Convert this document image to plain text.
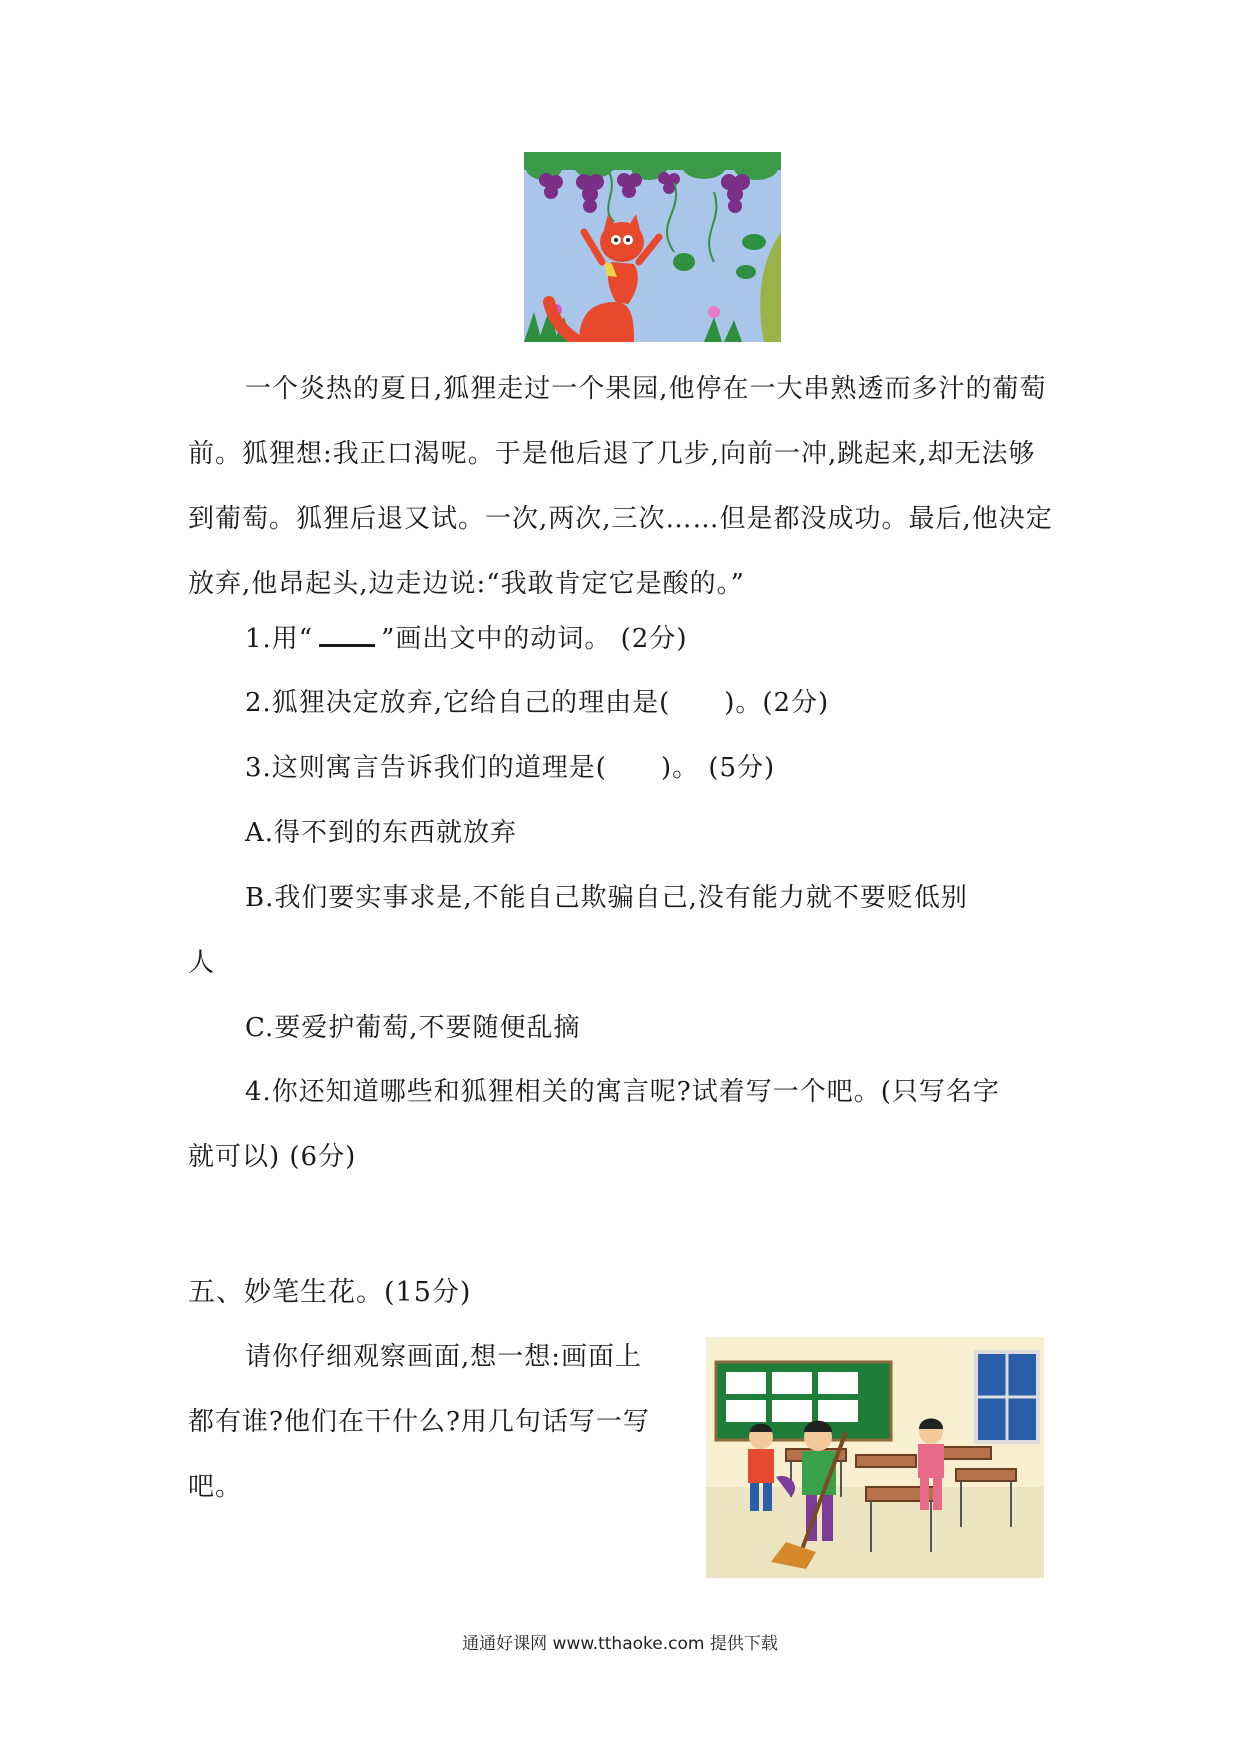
一个炎热的夏日,狐狸走过一个果园,他停在一大串熟透而多汁的葡萄前。狐狸想:我正口渴呢。于是他后退了几步,向前一冲,跳起来,却无法够到葡萄。狐狸后退又试。一次,两次,三次……但是都没成功。最后,他决定放弃,他昂起头,边走边说:“我敢肯定它是酸的。”

1.用“	”画出文中的动词。 (2分)

2.狐狸决定放弃,它给自己的理由是(　　)。(2分)

3.这则寓言告诉我们的道理是(　　)。 (5分)

A.得不到的东西就放弃

B.我们要实事求是,不能自己欺骗自己,没有能力就不要贬低别

人

C.要爱护葡萄,不要随便乱摘

4.你还知道哪些和狐狸相关的寓言呢?试着写一个吧。(只写名字

就可以) (6分)

五、妙笔生花。(15分)

请你仔细观察画面,想一想:画面上都有谁?他们在干什么?用几句话写一写吧。

通通好课网 www.tthaoke.com 提供下载
